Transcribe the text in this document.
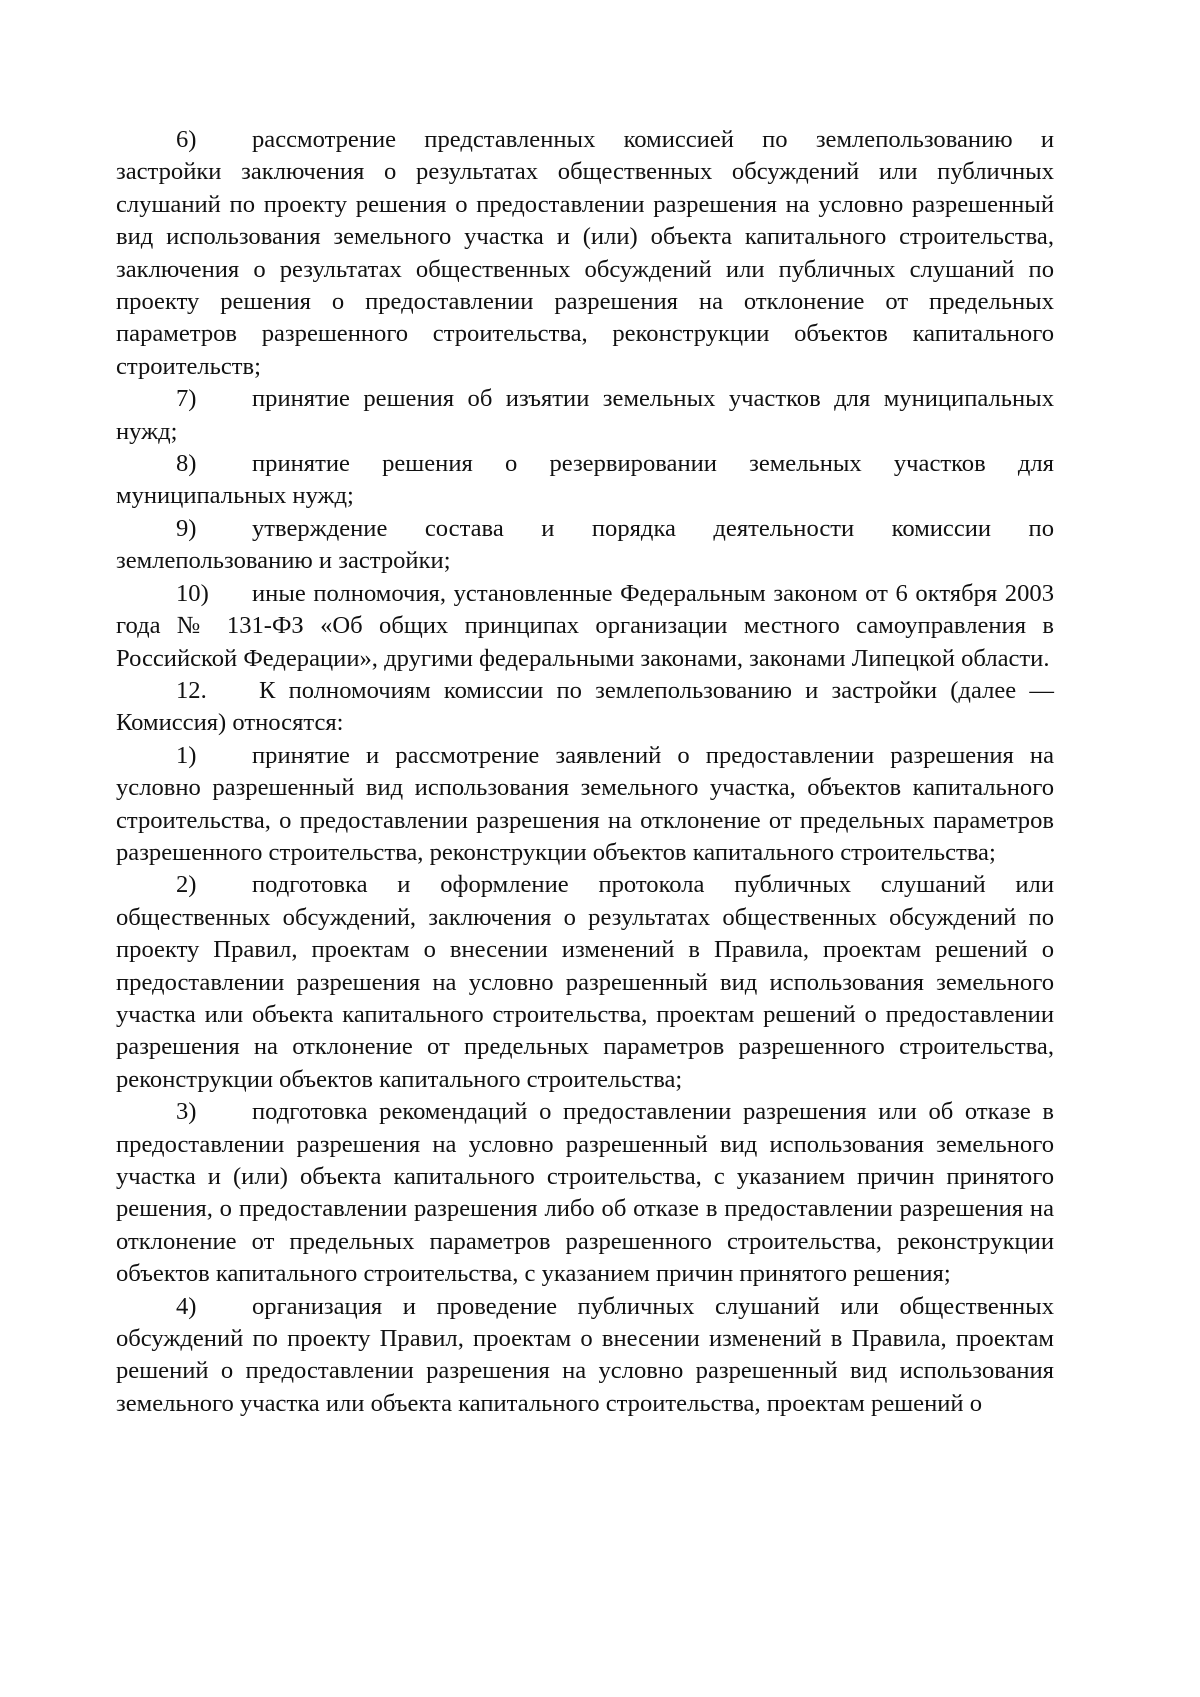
6) рассмотрение представленных комиссией по землепользованию и застройки заключения о результатах общественных обсуждений или публичных слушаний по проекту решения о предоставлении разрешения на условно разрешенный вид использования земельного участка и (или) объекта капитального строительства, заключения о результатах общественных обсуждений или публичных слушаний по проекту решения о предоставлении разрешения на отклонение от предельных параметров разрешенного строительства, реконструкции объектов капитального строительств;

7) принятие решения об изъятии земельных участков для муниципальных нужд;

8) принятие решения о резервировании земельных участков для муниципальных нужд;

9) утверждение состава и порядка деятельности комиссии по землепользованию и застройки;

10) иные полномочия, установленные Федеральным законом от 6 октября 2003 года № 131-ФЗ «Об общих принципах организации местного самоуправления в Российской Федерации», другими федеральными законами, законами Липецкой области.

12. К полномочиям комиссии по землепользованию и застройки (далее — Комиссия) относятся:

1) принятие и рассмотрение заявлений о предоставлении разрешения на условно разрешенный вид использования земельного участка, объектов капитального строительства, о предоставлении разрешения на отклонение от предельных параметров разрешенного строительства, реконструкции объектов капитального строительства;

2) подготовка и оформление протокола публичных слушаний или общественных обсуждений, заключения о результатах общественных обсуждений по проекту Правил, проектам о внесении изменений в Правила, проектам решений о предоставлении разрешения на условно разрешенный вид использования земельного участка или объекта капитального строительства, проектам решений о предоставлении разрешения на отклонение от предельных параметров разрешенного строительства, реконструкции объектов капитального строительства;

3) подготовка рекомендаций о предоставлении разрешения или об отказе в предоставлении разрешения на условно разрешенный вид использования земельного участка и (или) объекта капитального строительства, с указанием причин принятого решения, о предоставлении разрешения либо об отказе в предоставлении разрешения на отклонение от предельных параметров разрешенного строительства, реконструкции объектов капитального строительства, с указанием причин принятого решения;

4) организация и проведение публичных слушаний или общественных обсуждений по проекту Правил, проектам о внесении изменений в Правила, проектам решений о предоставлении разрешения на условно разрешенный вид использования земельного участка или объекта капитального строительства, проектам решений о
